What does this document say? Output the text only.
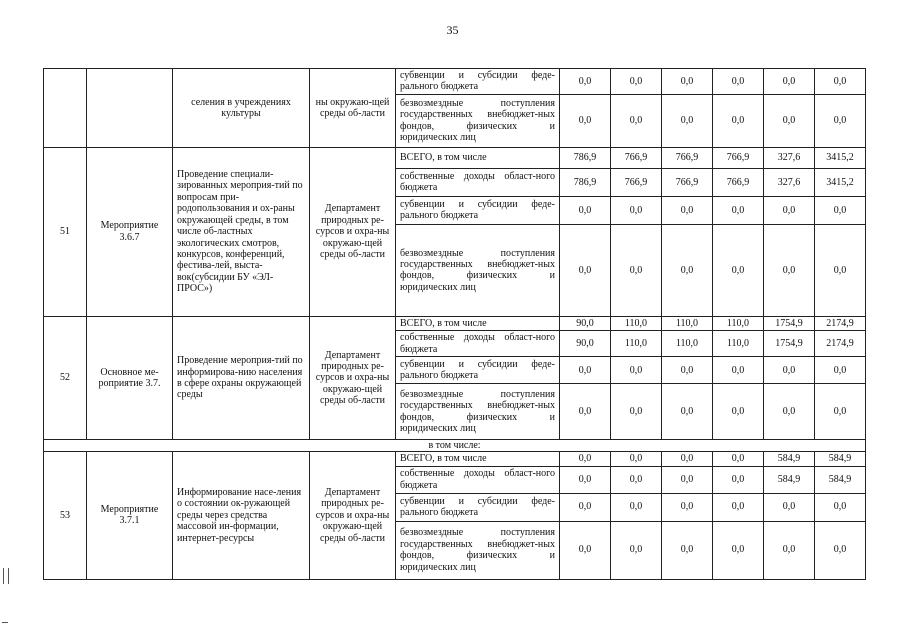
35
		селения в учреждениях культуры	ны окружаю-щей среды об-ласти	субвенции и субсидии феде-рального бюджета	0,0	0,0	0,0	0,0	0,0	0,0
				безвозмездные поступления государственных внебюджет-ных фондов, физических и юридических лиц	0,0	0,0	0,0	0,0	0,0	0,0
51	Мероприятие 3.6.7	Проведение специали-зированных мероприя-тий по вопросам при-родопользования и ох-раны окружающей среды, в том числе об-ластных экологических смотров, конкурсов, конференций, фестива-лей, выста-вок(субсидии БУ «ЭЛ-ПРОС»)	Департамент природных ре-сурсов и охра-ны окружаю-щей среды об-ласти	ВСЕГО, в том числе	786,9	766,9	766,9	766,9	327,6	3415,2
				собственные доходы област-ного бюджета	786,9	766,9	766,9	766,9	327,6	3415,2
				субвенции и субсидии феде-рального бюджета	0,0	0,0	0,0	0,0	0,0	0,0
				безвозмездные поступления государственных внебюджет-ных фондов, физических и юридических лиц	0,0	0,0	0,0	0,0	0,0	0,0
52	Основное ме-роприятие 3.7.	Проведение мероприя-тий по информирова-нию населения в сфере охраны окружающей среды	Департамент природных ре-сурсов и охра-ны окружаю-щей среды об-ласти	ВСЕГО, в том числе	90,0	110,0	110,0	110,0	1754,9	2174,9
				собственные доходы област-ного бюджета	90,0	110,0	110,0	110,0	1754,9	2174,9
				субвенции и субсидии феде-рального бюджета	0,0	0,0	0,0	0,0	0,0	0,0
				безвозмездные поступления государственных внебюджет-ных фондов, физических и юридических лиц	0,0	0,0	0,0	0,0	0,0	0,0
в том числе:										
53	Мероприятие 3.7.1	Информирование насе-ления о состоянии ок-ружающей среды через средства массовой ин-формации, интернет-ресурсы	Департамент природных ре-сурсов и охра-ны окружаю-щей среды об-ласти	ВСЕГО, в том числе	0,0	0,0	0,0	0,0	584,9	584,9
				собственные доходы област-ного бюджета	0,0	0,0	0,0	0,0	584,9	584,9
				субвенции и субсидии феде-рального бюджета	0,0	0,0	0,0	0,0	0,0	0,0
				безвозмездные поступления государственных внебюджет-ных фондов, физических и юридических лиц	0,0	0,0	0,0	0,0	0,0	0,0
